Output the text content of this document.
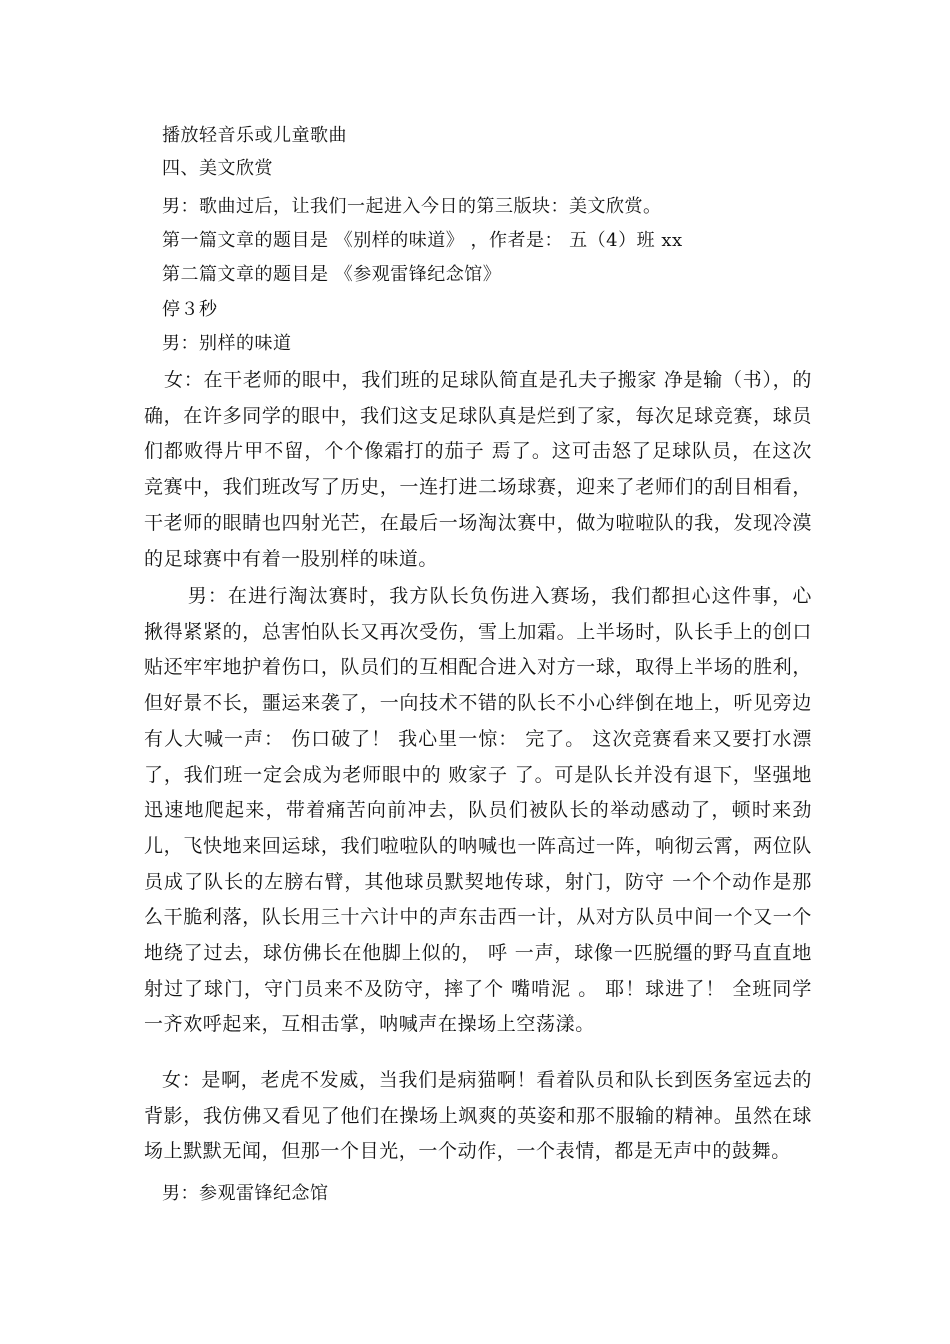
播放轻音乐或儿童歌曲
四、美文欣赏
男：歌曲过后，让我们一起进入今日的第三版块：美文欣赏。
第一篇文章的题目是 《别样的味道》 ，作者是： 五（4）班 xx
第二篇文章的题目是 《参观雷锋纪念馆》
停３秒
男：别样的味道
女：在干老师的眼中，我们班的足球队简直是孔夫子搬家 净是输（书），的确，在许多同学的眼中，我们这支足球队真是烂到了家，每次足球竞赛，球员们都败得片甲不留，个个像霜打的茄子 焉了。这可击怒了足球队员，在这次竞赛中，我们班改写了历史，一连打进二场球赛，迎来了老师们的刮目相看，干老师的眼睛也四射光芒，在最后一场淘汰赛中，做为啦啦队的我，发现冷漠的足球赛中有着一股别样的味道。
男：在进行淘汰赛时，我方队长负伤进入赛场，我们都担心这件事，心揪得紧紧的，总害怕队长又再次受伤，雪上加霜。上半场时，队长手上的创口贴还牢牢地护着伤口，队员们的互相配合进入对方一球，取得上半场的胜利，但好景不长，噩运来袭了，一向技术不错的队长不小心绊倒在地上，听见旁边有人大喊一声： 伤口破了！ 我心里一惊： 完了。 这次竞赛看来又要打水漂了，我们班一定会成为老师眼中的 败家子 了。可是队长并没有退下，坚强地迅速地爬起来，带着痛苦向前冲去，队员们被队长的举动感动了，顿时来劲儿，飞快地来回运球，我们啦啦队的呐喊也一阵高过一阵，响彻云霄，两位队员成了队长的左膀右臂，其他球员默契地传球，射门，防守 一个个动作是那么干脆利落，队长用三十六计中的声东击西一计，从对方队员中间一个又一个地绕了过去，球仿佛长在他脚上似的， 呼 一声，球像一匹脱缰的野马直直地射过了球门，守门员来不及防守，摔了个 嘴啃泥 。 耶！球进了！ 全班同学一齐欢呼起来，互相击掌，呐喊声在操场上空荡漾。
女：是啊，老虎不发威，当我们是病猫啊！看着队员和队长到医务室远去的背影，我仿佛又看见了他们在操场上飒爽的英姿和那不服输的精神。虽然在球场上默默无闻，但那一个目光，一个动作，一个表情，都是无声中的鼓舞。
男：参观雷锋纪念馆
